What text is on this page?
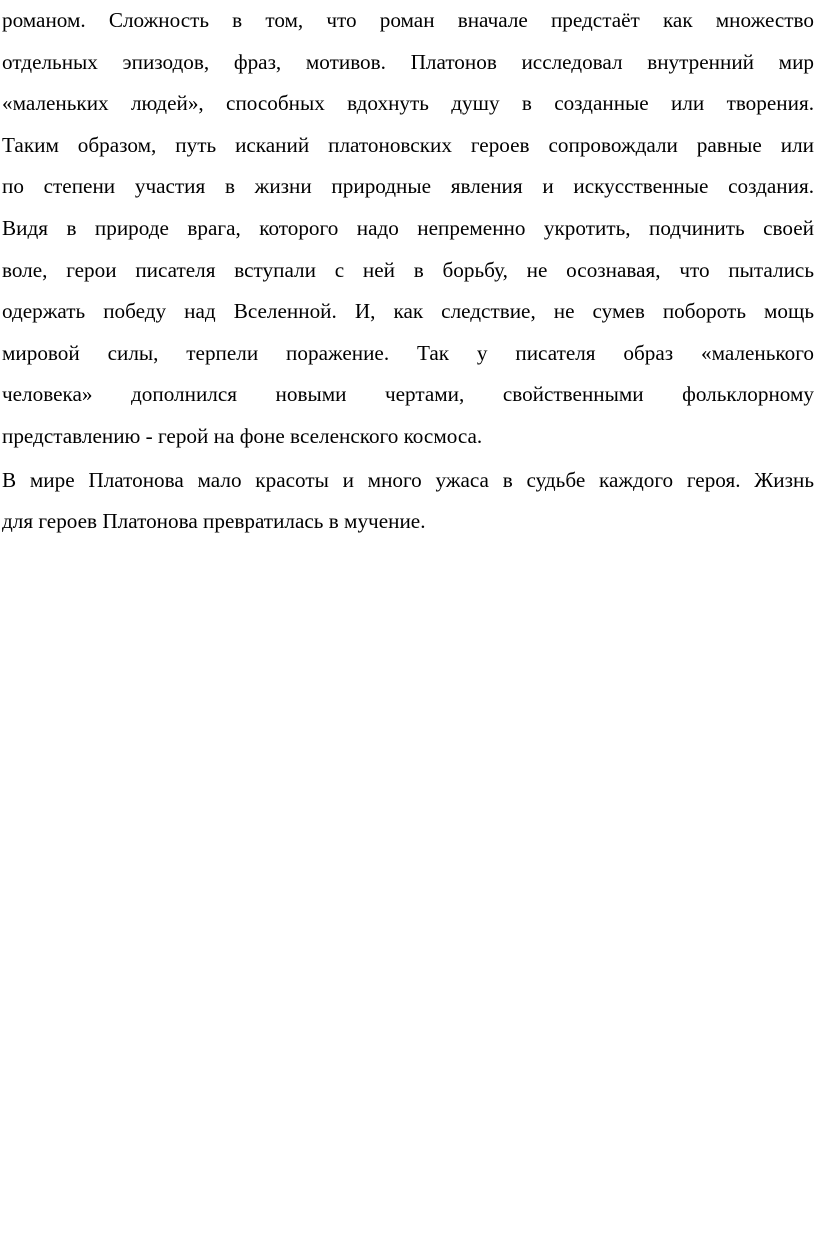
романом. Сложность в том, что роман вначале предстаёт как множество
отдельных эпизодов, фраз, мотивов. Платонов исследовал внутренний мир
«маленьких людей», способных вдохнуть душу в созданные или творения.
Таким образом, путь исканий платоновских героев сопровождали равные или
по степени участия в жизни природные явления и искусственные создания.
Видя в природе врага, которого надо непременно укротить, подчинить своей
воле, герои писателя вступали с ней в борьбу, не осознавая, что пытались
одержать победу над Вселенной. И, как следствие, не сумев побороть мощь
мировой силы, терпели поражение. Так у писателя образ «маленького
человека» дополнился новыми чертами, свойственными фольклорному
представлению - герой на фоне вселенского космоса.
В мире Платонова мало красоты и много ужаса в судьбе каждого героя. Жизнь
для героев Платонова превратилась в мучение.
